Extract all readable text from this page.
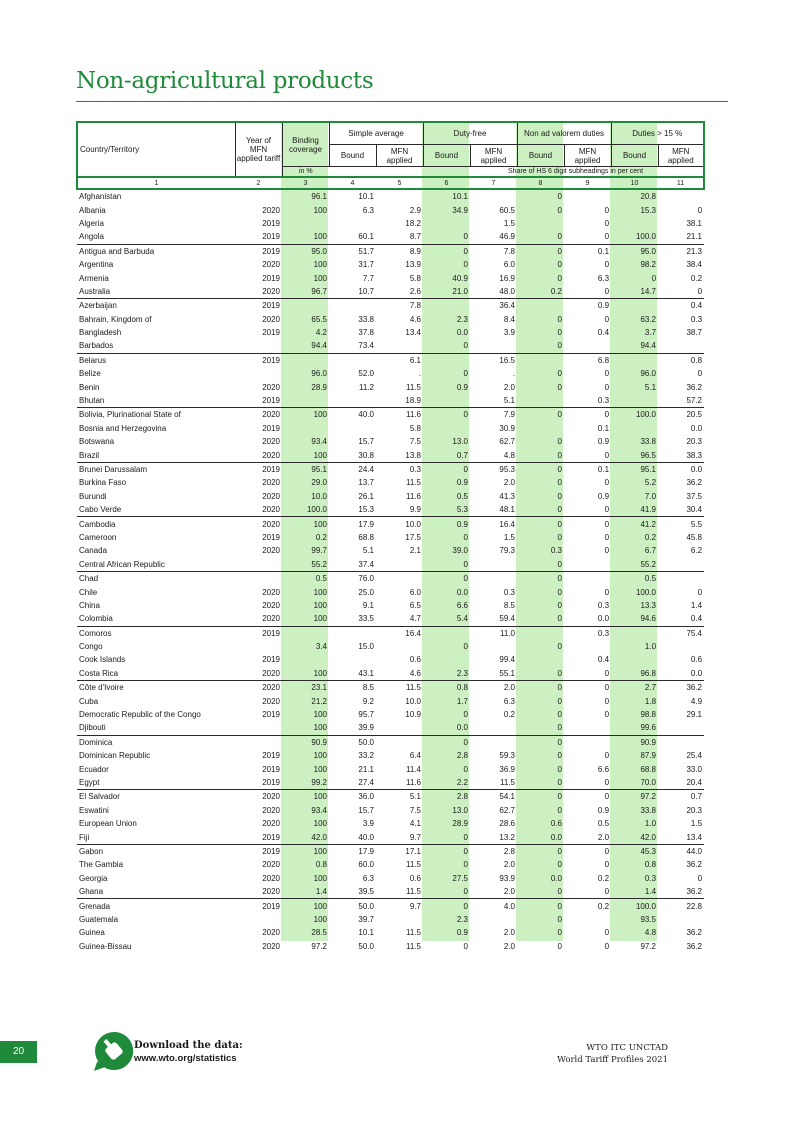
Non-agricultural products
Country/Territory	Year of MFN applied tariff	Binding coverage	Simple average		Duty-free		Non ad valorem duties		Duties > 15 %	
			Bound	MFN applied	Bound	MFN applied	Bound	MFN applied	Bound	MFN applied
		in %	Share of HS 6 digit subheadings in per cent							
1	2	3	4	5	6	7	8	9	10	11
Afghanistan		96.1	10.1		10.1		0		20.8	
Albania	2020	100	6.3	2.9	34.9	60.5	0	0	15.3	0
Algeria	2019			18.2		1.5		0		38.1
Angola	2019	100	60.1	8.7	0	46.9	0	0	100.0	21.1
Antigua and Barbuda	2019	95.0	51.7	8.9	0	7.8	0	0.1	95.0	21.3
Argentina	2020	100	31.7	13.9	0	6.0	0	0	98.2	38.4
Armenia	2019	100	7.7	5.8	40.9	16.9	0	6.3	0	0.2
Australia	2020	96.7	10.7	2.6	21.0	48.0	0.2	0	14.7	0
Azerbaijan	2019			7.8		36.4		0.9		0.4
Bahrain, Kingdom of	2020	65.5	33.8	4.6	2.3	8.4	0	0	63.2	0.3
Bangladesh	2019	4.2	37.8	13.4	0.0	3.9	0	0.4	3.7	38.7
Barbados		94.4	73.4		0		0		94.4	
Belarus	2019			6.1		16.5		6.8		0.8
Belize		96.0	52.0	.	0	.	0	0	96.0	0
Benin	2020	28.9	11.2	11.5	0.9	2.0	0	0	5.1	36.2
Bhutan	2019			18.9		5.1		0.3		57.2
Bolivia, Plurinational State of	2020	100	40.0	11.6	0	7.9	0	0	100.0	20.5
Bosnia and Herzegovina	2019			5.8		30.9		0.1		0.0
Botswana	2020	93.4	15.7	7.5	13.0	62.7	0	0.9	33.8	20.3
Brazil	2020	100	30.8	13.8	0.7	4.8	0	0	96.5	38.3
Brunei Darussalam	2019	95.1	24.4	0.3	0	95.3	0	0.1	95.1	0.0
Burkina Faso	2020	29.0	13.7	11.5	0.9	2.0	0	0	5.2	36.2
Burundi	2020	10.0	26.1	11.6	0.5	41.3	0	0.9	7.0	37.5
Cabo Verde	2020	100.0	15.3	9.9	5.3	48.1	0	0	41.9	30.4
Cambodia	2020	100	17.9	10.0	0.9	16.4	0	0	41.2	5.5
Cameroon	2019	0.2	68.8	17.5	0	1.5	0	0	0.2	45.8
Canada	2020	99.7	5.1	2.1	39.0	79.3	0.3	0	6.7	6.2
Central African Republic		55.2	37.4		0		0		55.2	
Chad		0.5	76.0		0		0		0.5	
Chile	2020	100	25.0	6.0	0.0	0.3	0	0	100.0	0
China	2020	100	9.1	6.5	6.6	8.5	0	0.3	13.3	1.4
Colombia	2020	100	33.5	4.7	5.4	59.4	0	0.0	94.6	0.4
Comoros	2019			16.4		11.0		0.3		75.4
Congo		3.4	15.0		0		0		1.0	
Cook Islands	2019			0.6		99.4		0.4		0.6
Costa Rica	2020	100	43.1	4.6	2.3	55.1	0	0	96.8	0.0
Côte d'Ivoire	2020	23.1	8.5	11.5	0.8	2.0	0	0	2.7	36.2
Cuba	2020	21.2	9.2	10.0	1.7	6.3	0	0	1.8	4.9
Democratic Republic of the Congo	2019	100	95.7	10.9	0	0.2	0	0	98.8	29.1
Djibouti		100	39.9		0.0		0		99.6	
Dominica		90.9	50.0		0		0		90.9	
Dominican Republic	2019	100	33.2	6.4	2.8	59.3	0	0	87.9	25.4
Ecuador	2019	100	21.1	11.4	0	36.9	0	6.6	68.8	33.0
Egypt	2019	99.2	27.4	11.6	2.2	11.5	0	0	70.0	20.4
El Salvador	2020	100	36.0	5.1	2.8	54.1	0	0	97.2	0.7
Eswatini	2020	93.4	15.7	7.5	13.0	62.7	0	0.9	33.8	20.3
European Union	2020	100	3.9	4.1	28.9	28.6	0.6	0.5	1.0	1.5
Fiji	2019	42.0	40.0	9.7	0	13.2	0.0	2.0	42.0	13.4
Gabon	2019	100	17.9	17.1	0	2.8	0	0	45.3	44.0
The Gambia	2020	0.8	60.0	11.5	0	2.0	0	0	0.8	36.2
Georgia	2020	100	6.3	0.6	27.5	93.9	0.0	0.2	0.3	0
Ghana	2020	1.4	39.5	11.5	0	2.0	0	0	1.4	36.2
Grenada	2019	100	50.0	9.7	0	4.0	0	0.2	100.0	22.8
Guatemala		100	39.7		2.3		0		93.5	
Guinea	2020	28.5	10.1	11.5	0.9	2.0	0	0	4.8	36.2
Guinea-Bissau	2020	97.2	50.0	11.5	0	2.0	0	0	97.2	36.2
20
Download the data:
www.wto.org/statistics
WTO ITC UNCTAD
World Tariff Profiles 2021
